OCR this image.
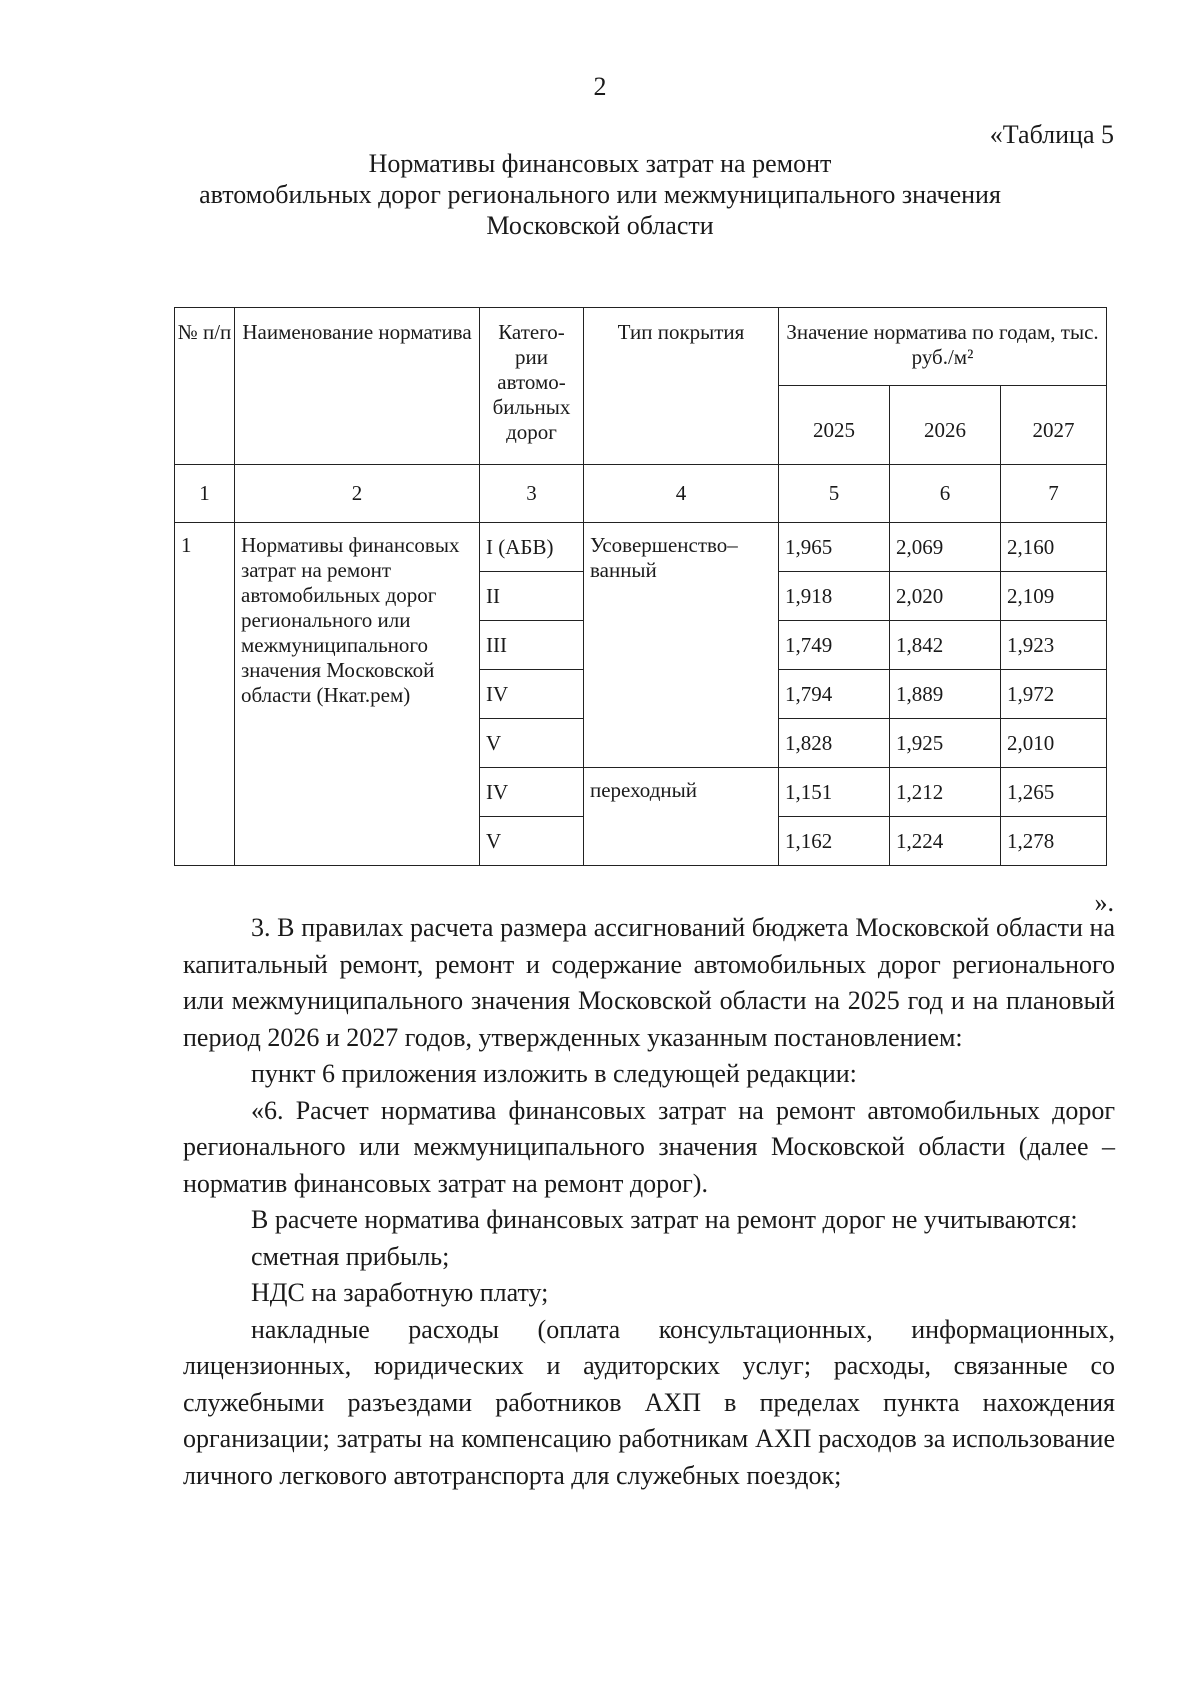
2
«Таблица 5
Нормативы финансовых затрат на ремонт
автомобильных дорог регионального или межмуниципального значения
Московской области
№ п/п	Наименование норматива	Катего-рии автомо-бильных дорог	Тип покрытия	Значение норматива по годам, тыс. руб./м²		
				2025	2026	2027
1	2	3	4	5	6	7
1	Нормативы финансовых затрат на ремонт автомобильных дорог регионального или межмуниципального значения Московской области (Нкат.рем)	I (АБВ)	Усовершенство–ванный	1,965	2,069	2,160
		II		1,918	2,020	2,109
		III		1,749	1,842	1,923
		IV		1,794	1,889	1,972
		V		1,828	1,925	2,010
		IV	переходный	1,151	1,212	1,265
		V		1,162	1,224	1,278
».

3. В правилах расчета размера ассигнований бюджета Московской области на капитальный ремонт, ремонт и содержание автомобильных дорог регионального или межмуниципального значения Московской области на 2025 год и на плановый период 2026 и 2027 годов, утвержденных указанным постановлением:

пункт 6 приложения изложить в следующей редакции:

«6. Расчет норматива финансовых затрат на ремонт автомобильных дорог регионального или межмуниципального значения Московской области (далее – норматив финансовых затрат на ремонт дорог).

В расчете норматива финансовых затрат на ремонт дорог не учитываются:

сметная прибыль;

НДС на заработную плату;

накладные расходы (оплата консультационных, информационных, лицензионных, юридических и аудиторских услуг; расходы, связанные со служебными разъездами работников АХП в пределах пункта нахождения организации; затраты на компенсацию работникам АХП расходов за использование личного легкового автотранспорта для служебных поездок;
